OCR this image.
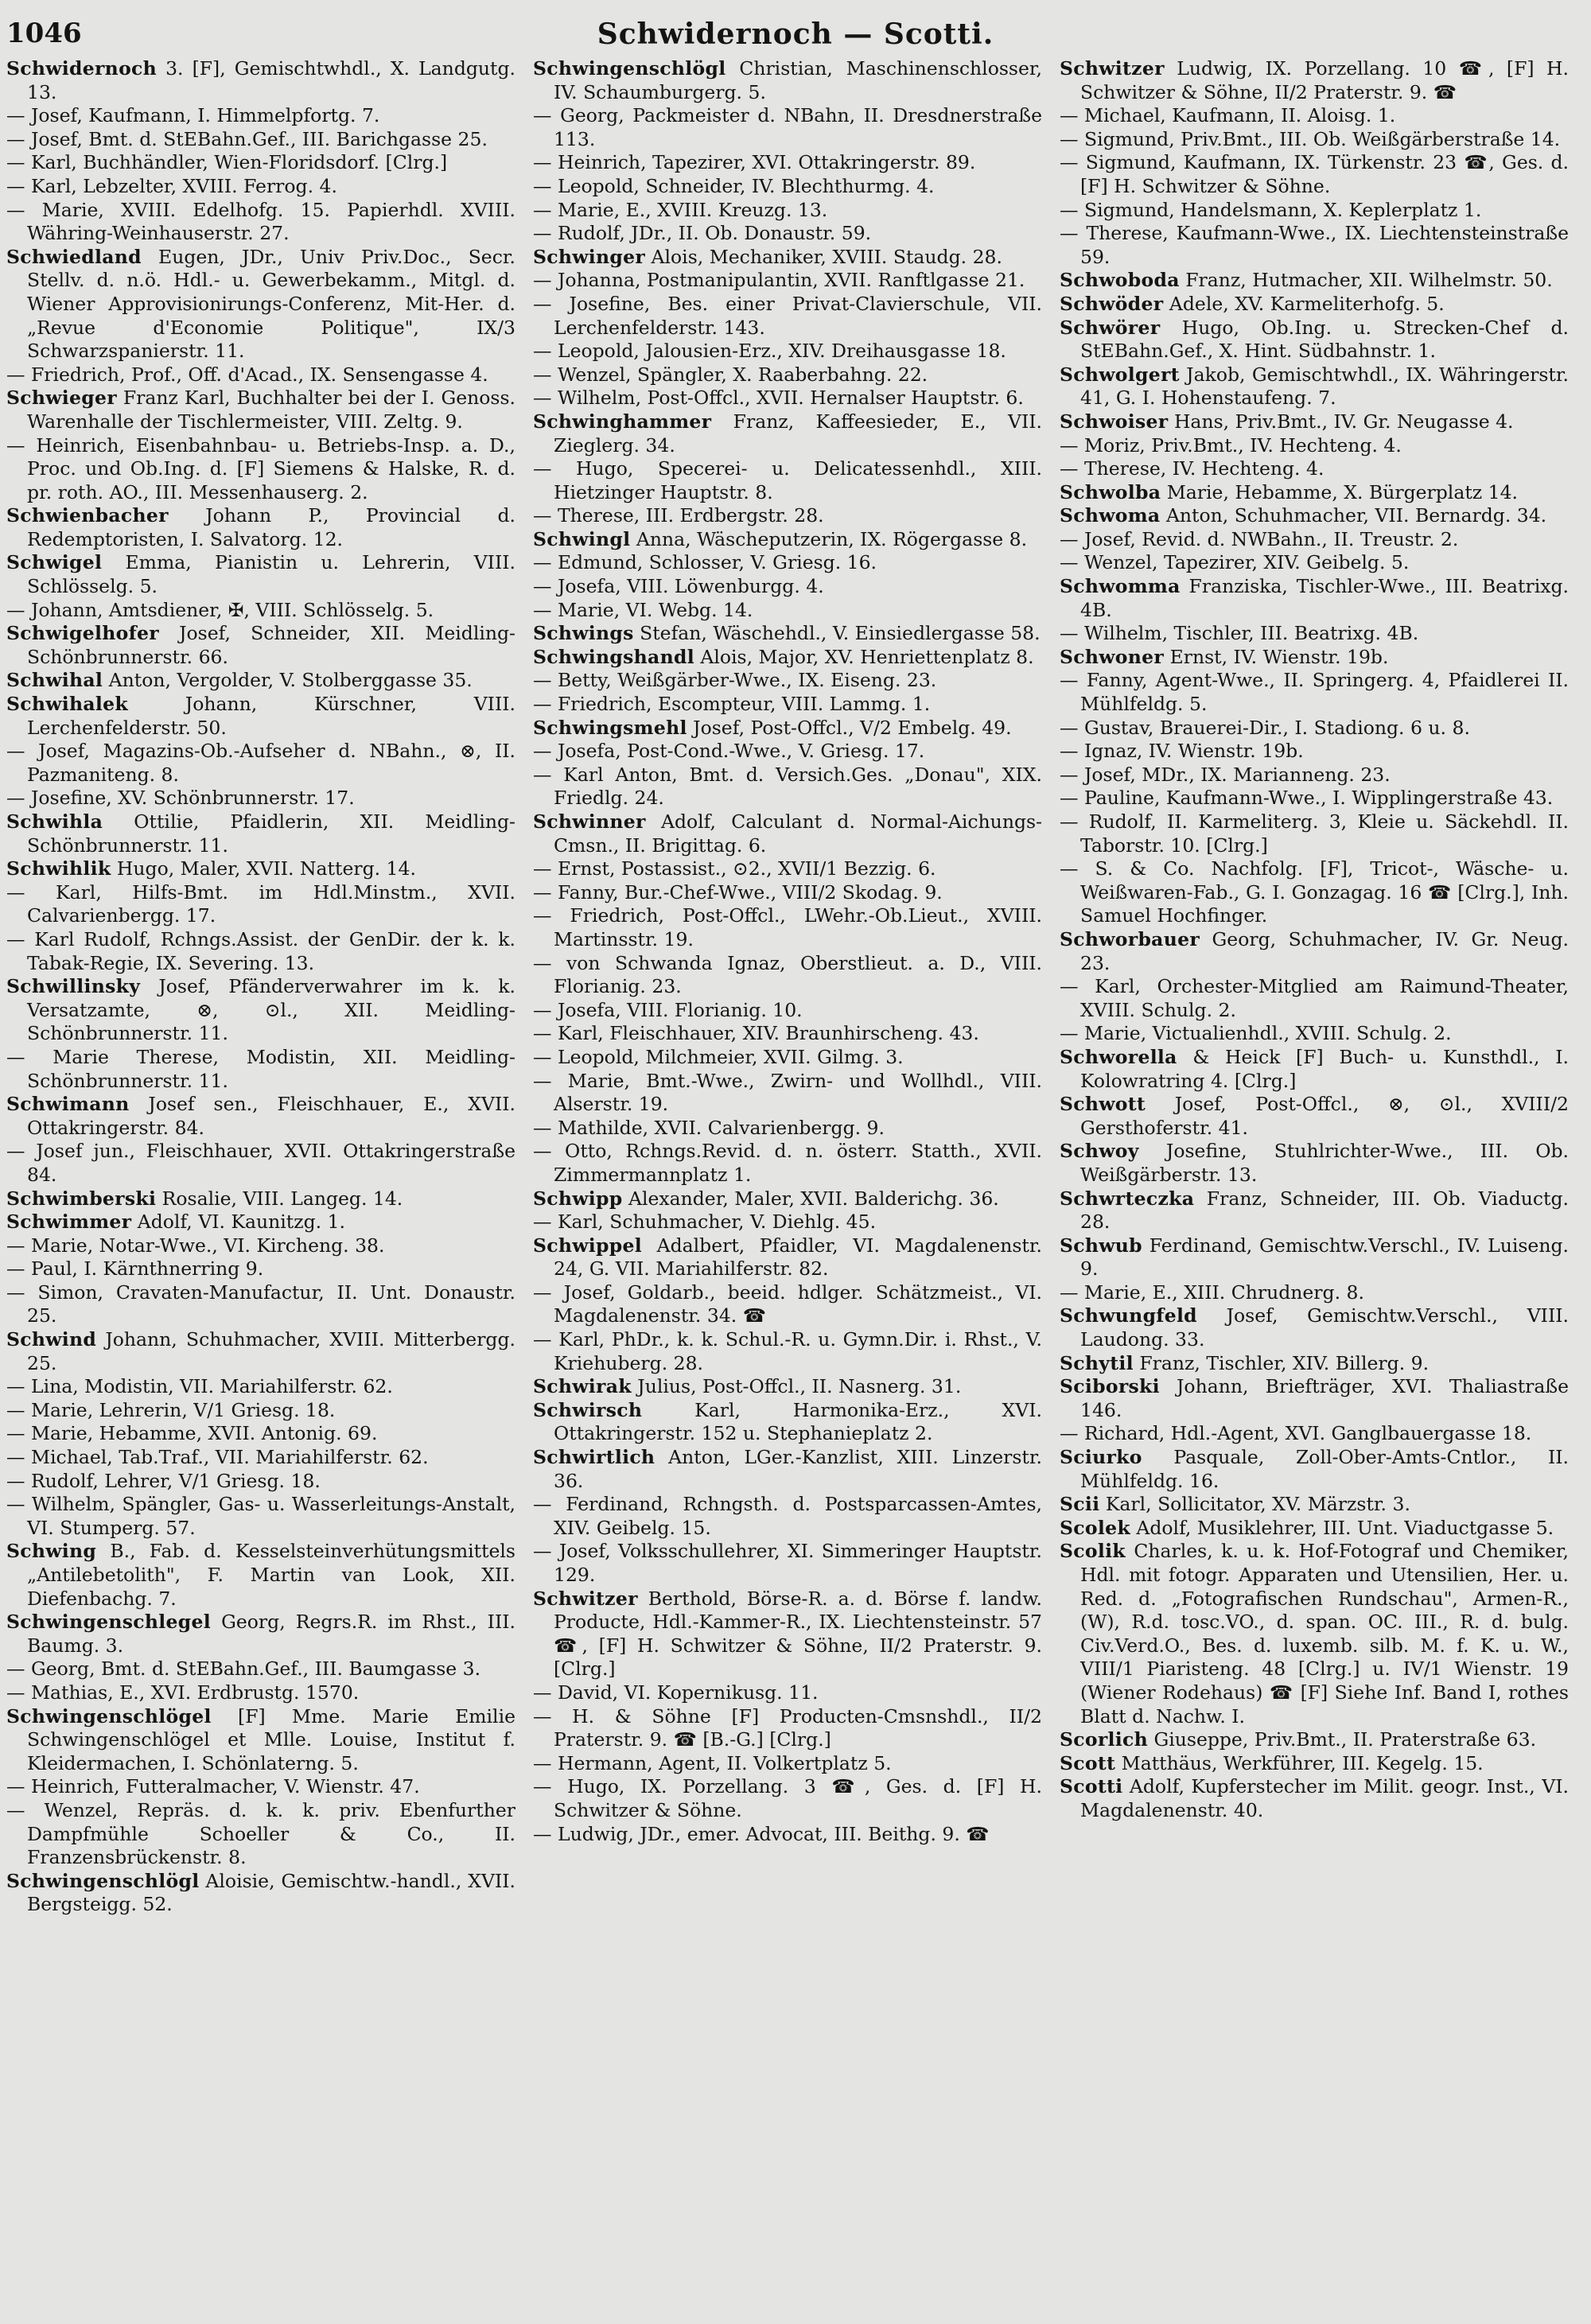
1046	Schwidernoch — Scotti.
Schwidernoch 3. [F], Gemischtwhdl., X. Landgutg. 13.
— Josef, Kaufmann, I. Himmelpfortg. 7.
— Josef, Bmt. d. StEBahn.Gef., III. Barichgasse 25.
— Karl, Buchhändler, Wien-Floridsdorf. [Clrg.]
— Karl, Lebzelter, XVIII. Ferrog. 4.
— Marie, XVIII. Edelhofg. 15. Papierhdl. XVIII. Währing-Weinhauserstr. 27.
Schwiedland Eugen, JDr., Univ Priv.Doc., Secr. Stellv. d. n.ö. Hdl.- u. Gewerbekamm., Mitgl. d. Wiener Approvisionirungs-Conferenz, Mit-Her. d. „Revue d'Economie Politique", IX/3 Schwarzspanierstr. 11.
— Friedrich, Prof., Off. d'Acad., IX. Sensengasse 4.
Schwieger Franz Karl, Buchhalter bei der I. Genoss. Warenhalle der Tischlermeister, VIII. Zeltg. 9.
— Heinrich, Eisenbahnbau- u. Betriebs-Insp. a. D., Proc. und Ob.Ing. d. [F] Siemens & Halske, R. d. pr. roth. AO., III. Messenhauserg. 2.
Schwienbacher Johann P., Provincial d. Redemptoristen, I. Salvatorg. 12.
Schwigel Emma, Pianistin u. Lehrerin, VIII. Schlösselg. 5.
— Johann, Amtsdiener, ✠, VIII. Schlösselg. 5.
Schwigelhofer Josef, Schneider, XII. Meidling-Schönbrunnerstr. 66.
Schwihal Anton, Vergolder, V. Stolberggasse 35.
Schwihalek Johann, Kürschner, VIII. Lerchenfelderstr. 50.
— Josef, Magazins-Ob.-Aufseher d. NBahn., ⊗, II. Pazmaniteng. 8.
— Josefine, XV. Schönbrunnerstr. 17.
Schwihla Ottilie, Pfaidlerin, XII. Meidling-Schönbrunnerstr. 11.
Schwihlik Hugo, Maler, XVII. Natterg. 14.
— Karl, Hilfs-Bmt. im Hdl.Minstm., XVII. Calvarienbergg. 17.
— Karl Rudolf, Rchngs.Assist. der GenDir. der k. k. Tabak-Regie, IX. Severing. 13.
Schwillinsky Josef, Pfänderverwahrer im k. k. Versatzamte, ⊗, ⊙l., XII. Meidling-Schönbrunnerstr. 11.
— Marie Therese, Modistin, XII. Meidling-Schönbrunnerstr. 11.
Schwimann Josef sen., Fleischhauer, E., XVII. Ottakringerstr. 84.
— Josef jun., Fleischhauer, XVII. Ottakringerstraße 84.
Schwimberski Rosalie, VIII. Langeg. 14.
Schwimmer Adolf, VI. Kaunitzg. 1.
— Marie, Notar-Wwe., VI. Kircheng. 38.
— Paul, I. Kärnthnerring 9.
— Simon, Cravaten-Manufactur, II. Unt. Donaustr. 25.
Schwind Johann, Schuhmacher, XVIII. Mitterbergg. 25.
— Lina, Modistin, VII. Mariahilferstr. 62.
— Marie, Lehrerin, V/1 Griesg. 18.
— Marie, Hebamme, XVII. Antonig. 69.
— Michael, Tab.Traf., VII. Mariahilferstr. 62.
— Rudolf, Lehrer, V/1 Griesg. 18.
— Wilhelm, Spängler, Gas- u. Wasserleitungs-Anstalt, VI. Stumperg. 57.
Schwing B., Fab. d. Kesselsteinverhütungsmittels „Antilebetolith", F. Martin van Look, XII. Diefenbachg. 7.
Schwingenschlegel Georg, Regrs.R. im Rhst., III. Baumg. 3.
— Georg, Bmt. d. StEBahn.Gef., III. Baumgasse 3.
— Mathias, E., XVI. Erdbrustg. 1570.
Schwingenschlögel [F] Mme. Marie Emilie Schwingenschlögel et Mlle. Louise, Institut f. Kleidermachen, I. Schönlaterng. 5.
— Heinrich, Futteralmacher, V. Wienstr. 47.
— Wenzel, Repräs. d. k. k. priv. Ebenfurther Dampfmühle Schoeller & Co., II. Franzensbrückenstr. 8.
Schwingenschlögl Aloisie, Gemischtw.-handl., XVII. Bergsteigg. 52.
Schwingenschlögl Christian, Maschinenschlosser, IV. Schaumburgerg. 5.
— Georg, Packmeister d. NBahn, II. Dresdnerstraße 113.
— Heinrich, Tapezirer, XVI. Ottakringerstr. 89.
— Leopold, Schneider, IV. Blechthurmg. 4.
— Marie, E., XVIII. Kreuzg. 13.
— Rudolf, JDr., II. Ob. Donaustr. 59.
Schwinger Alois, Mechaniker, XVIII. Staudg. 28.
— Johanna, Postmanipulantin, XVII. Ranftlgasse 21.
— Josefine, Bes. einer Privat-Clavierschule, VII. Lerchenfelderstr. 143.
— Leopold, Jalousien-Erz., XIV. Dreihausgasse 18.
— Wenzel, Spängler, X. Raaberbahng. 22.
— Wilhelm, Post-Offcl., XVII. Hernalser Hauptstr. 6.
Schwinghammer Franz, Kaffeesieder, E., VII. Zieglerg. 34.
— Hugo, Specerei- u. Delicatessenhdl., XIII. Hietzinger Hauptstr. 8.
— Therese, III. Erdbergstr. 28.
Schwingl Anna, Wäscheputzerin, IX. Rögergasse 8.
— Edmund, Schlosser, V. Griesg. 16.
— Josefa, VIII. Löwenburgg. 4.
— Marie, VI. Webg. 14.
Schwings Stefan, Wäschehdl., V. Einsiedlergasse 58.
Schwingshandl Alois, Major, XV. Henriettenplatz 8.
— Betty, Weißgärber-Wwe., IX. Eiseng. 23.
— Friedrich, Escompteur, VIII. Lammg. 1.
Schwingsmehl Josef, Post-Offcl., V/2 Embelg. 49.
— Josefa, Post-Cond.-Wwe., V. Griesg. 17.
— Karl Anton, Bmt. d. Versich.Ges. „Donau", XIX. Friedlg. 24.
Schwinner Adolf, Calculant d. Normal-Aichungs-Cmsn., II. Brigittag. 6.
— Ernst, Postassist., ⊙2., XVII/1 Bezzig. 6.
— Fanny, Bur.-Chef-Wwe., VIII/2 Skodag. 9.
— Friedrich, Post-Offcl., LWehr.-Ob.Lieut., XVIII. Martinsstr. 19.
— von Schwanda Ignaz, Oberstlieut. a. D., VIII. Florianig. 23.
— Josefa, VIII. Florianig. 10.
— Karl, Fleischhauer, XIV. Braunhirscheng. 43.
— Leopold, Milchmeier, XVII. Gilmg. 3.
— Marie, Bmt.-Wwe., Zwirn- und Wollhdl., VIII. Alserstr. 19.
— Mathilde, XVII. Calvarienbergg. 9.
— Otto, Rchngs.Revid. d. n. österr. Statth., XVII. Zimmermannplatz 1.
Schwipp Alexander, Maler, XVII. Balderichg. 36.
— Karl, Schuhmacher, V. Diehlg. 45.
Schwippel Adalbert, Pfaidler, VI. Magdalenenstr. 24, G. VII. Mariahilferstr. 82.
— Josef, Goldarb., beeid. hdlger. Schätzmeist., VI. Magdalenenstr. 34. ☎
— Karl, PhDr., k. k. Schul.-R. u. Gymn.Dir. i. Rhst., V. Kriehuberg. 28.
Schwirak Julius, Post-Offcl., II. Nasnerg. 31.
Schwirsch Karl, Harmonika-Erz., XVI. Ottakringerstr. 152 u. Stephanieplatz 2.
Schwirtlich Anton, LGer.-Kanzlist, XIII. Linzerstr. 36.
— Ferdinand, Rchngsth. d. Postsparcassen-Amtes, XIV. Geibelg. 15.
— Josef, Volksschullehrer, XI. Simmeringer Hauptstr. 129.
Schwitzer Berthold, Börse-R. a. d. Börse f. landw. Producte, Hdl.-Kammer-R., IX. Liechtensteinstr. 57 ☎, [F] H. Schwitzer & Söhne, II/2 Praterstr. 9. [Clrg.]
— David, VI. Kopernikusg. 11.
— H. & Söhne [F] Producten-Cmsnshdl., II/2 Praterstr. 9. ☎ [B.-G.] [Clrg.]
— Hermann, Agent, II. Volkertplatz 5.
— Hugo, IX. Porzellang. 3 ☎, Ges. d. [F] H. Schwitzer & Söhne.
— Ludwig, JDr., emer. Advocat, III. Beithg. 9. ☎
Schwitzer Ludwig, IX. Porzellang. 10 ☎, [F] H. Schwitzer & Söhne, II/2 Praterstr. 9. ☎
— Michael, Kaufmann, II. Aloisg. 1.
— Sigmund, Priv.Bmt., III. Ob. Weißgärberstraße 14.
— Sigmund, Kaufmann, IX. Türkenstr. 23 ☎, Ges. d. [F] H. Schwitzer & Söhne.
— Sigmund, Handelsmann, X. Keplerplatz 1.
— Therese, Kaufmann-Wwe., IX. Liechtensteinstraße 59.
Schwoboda Franz, Hutmacher, XII. Wilhelmstr. 50.
Schwöder Adele, XV. Karmeliterhofg. 5.
Schwörer Hugo, Ob.Ing. u. Strecken-Chef d. StEBahn.Gef., X. Hint. Südbahnstr. 1.
Schwolgert Jakob, Gemischtwhdl., IX. Währingerstr. 41, G. I. Hohenstaufeng. 7.
Schwoiser Hans, Priv.Bmt., IV. Gr. Neugasse 4.
— Moriz, Priv.Bmt., IV. Hechteng. 4.
— Therese, IV. Hechteng. 4.
Schwolba Marie, Hebamme, X. Bürgerplatz 14.
Schwoma Anton, Schuhmacher, VII. Bernardg. 34.
— Josef, Revid. d. NWBahn., II. Treustr. 2.
— Wenzel, Tapezirer, XIV. Geibelg. 5.
Schwomma Franziska, Tischler-Wwe., III. Beatrixg. 4B.
— Wilhelm, Tischler, III. Beatrixg. 4B.
Schwoner Ernst, IV. Wienstr. 19b.
— Fanny, Agent-Wwe., II. Springerg. 4, Pfaidlerei II. Mühlfeldg. 5.
— Gustav, Brauerei-Dir., I. Stadiong. 6 u. 8.
— Ignaz, IV. Wienstr. 19b.
— Josef, MDr., IX. Marianneng. 23.
— Pauline, Kaufmann-Wwe., I. Wipplingerstraße 43.
— Rudolf, II. Karmeliterg. 3, Kleie u. Säckehdl. II. Taborstr. 10. [Clrg.]
— S. & Co. Nachfolg. [F], Tricot-, Wäsche- u. Weißwaren-Fab., G. I. Gonzagag. 16 ☎ [Clrg.], Inh. Samuel Hochfinger.
Schworbauer Georg, Schuhmacher, IV. Gr. Neug. 23.
— Karl, Orchester-Mitglied am Raimund-Theater, XVIII. Schulg. 2.
— Marie, Victualienhdl., XVIII. Schulg. 2.
Schworella & Heick [F] Buch- u. Kunsthdl., I. Kolowratring 4. [Clrg.]
Schwott Josef, Post-Offcl., ⊗, ⊙l., XVIII/2 Gersthoferstr. 41.
Schwoy Josefine, Stuhlrichter-Wwe., III. Ob. Weißgärberstr. 13.
Schwrteczka Franz, Schneider, III. Ob. Viaductg. 28.
Schwub Ferdinand, Gemischtw.Verschl., IV. Luiseng. 9.
— Marie, E., XIII. Chrudnerg. 8.
Schwungfeld Josef, Gemischtw.Verschl., VIII. Laudong. 33.
Schytil Franz, Tischler, XIV. Billerg. 9.
Sciborski Johann, Briefträger, XVI. Thaliastraße 146.
— Richard, Hdl.-Agent, XVI. Ganglbauergasse 18.
Sciurko Pasquale, Zoll-Ober-Amts-Cntlor., II. Mühlfeldg. 16.
Scii Karl, Sollicitator, XV. Märzstr. 3.
Scolek Adolf, Musiklehrer, III. Unt. Viaductgasse 5.
Scolik Charles, k. u. k. Hof-Fotograf und Chemiker, Hdl. mit fotogr. Apparaten und Utensilien, Her. u. Red. d. „Fotografischen Rundschau", Armen-R., (W), R.d. tosc.VO., d. span. OC. III., R. d. bulg. Civ.Verd.O., Bes. d. luxemb. silb. M. f. K. u. W., VIII/1 Piaristeng. 48 [Clrg.] u. IV/1 Wienstr. 19 (Wiener Rodehaus) ☎ [F] Siehe Inf. Band I, rothes Blatt d. Nachw. I.
Scorlich Giuseppe, Priv.Bmt., II. Praterstraße 63.
Scott Matthäus, Werkführer, III. Kegelg. 15.
Scotti Adolf, Kupferstecher im Milit. geogr. Inst., VI. Magdalenenstr. 40.
